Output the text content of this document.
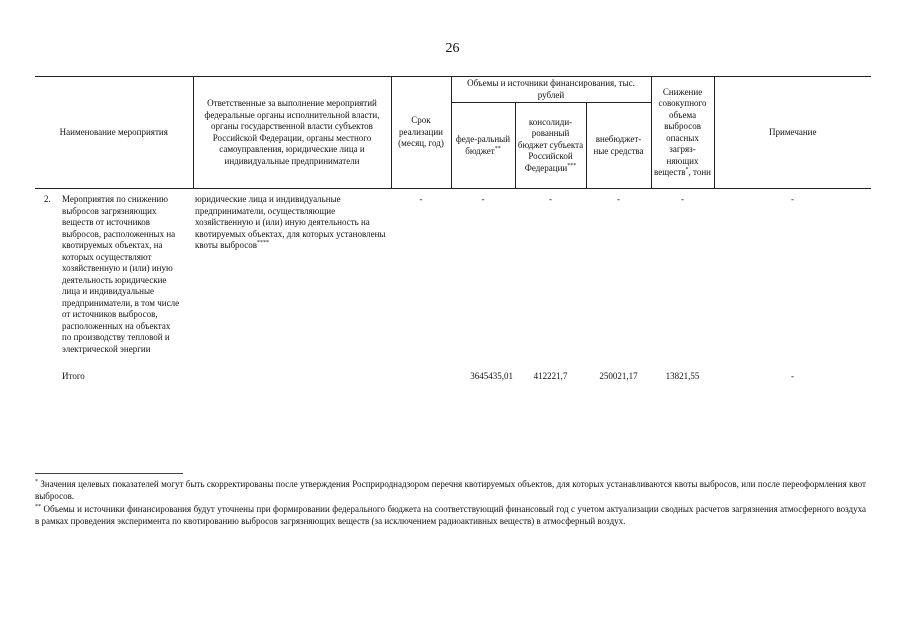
26
Наименование мероприятия	Ответственные за выполнение мероприятий федеральные органы исполнительной власти, органы государственной власти субъектов Российской Федерации, органы местного самоуправления, юридические лица и индивидуальные предприниматели	Срок реализации (месяц, год)	Объемы и источники финансирования, тыс. рублей			Снижение совокупного объема выбросов опасных загряз-няющих веществ*, тонн	Примечание
			феде-ральный бюджет**	консолиди-рованный бюджет субъекта Российской Федерации***	внебюджет-ные средства		

2. Мероприятия по снижению выбросов загрязняющих веществ от источников выбросов, расположенных на квотируемых объектах, на которых осуществляют хозяйственную и (или) иную деятельность юридические лица и индивидуальные предприниматели, в том числе от источников выбросов, расположенных на объектах по производству тепловой и электрической энергии	юридические лица и индивидуальные предприниматели, осуществляющие хозяйственную и (или) иную деятельность на квотируемых объектах, для которых установлены квоты выбросов****	-	-	-	-	-	-

Итого			3645435,01	412221,7	250021,17	13821,55	-

* Значения целевых показателей могут быть скорректированы после утверждения Росприроднадзором перечня квотируемых объектов, для которых устанавливаются квоты выбросов, или после переоформления квот выбросов.

** Объемы и источники финансирования будут уточнены при формировании федерального бюджета на соответствующий финансовый год с учетом актуализации сводных расчетов загрязнения атмосферного воздуха в рамках проведения эксперимента по квотированию выбросов загрязняющих веществ (за исключением радиоактивных веществ) в атмосферный воздух.
